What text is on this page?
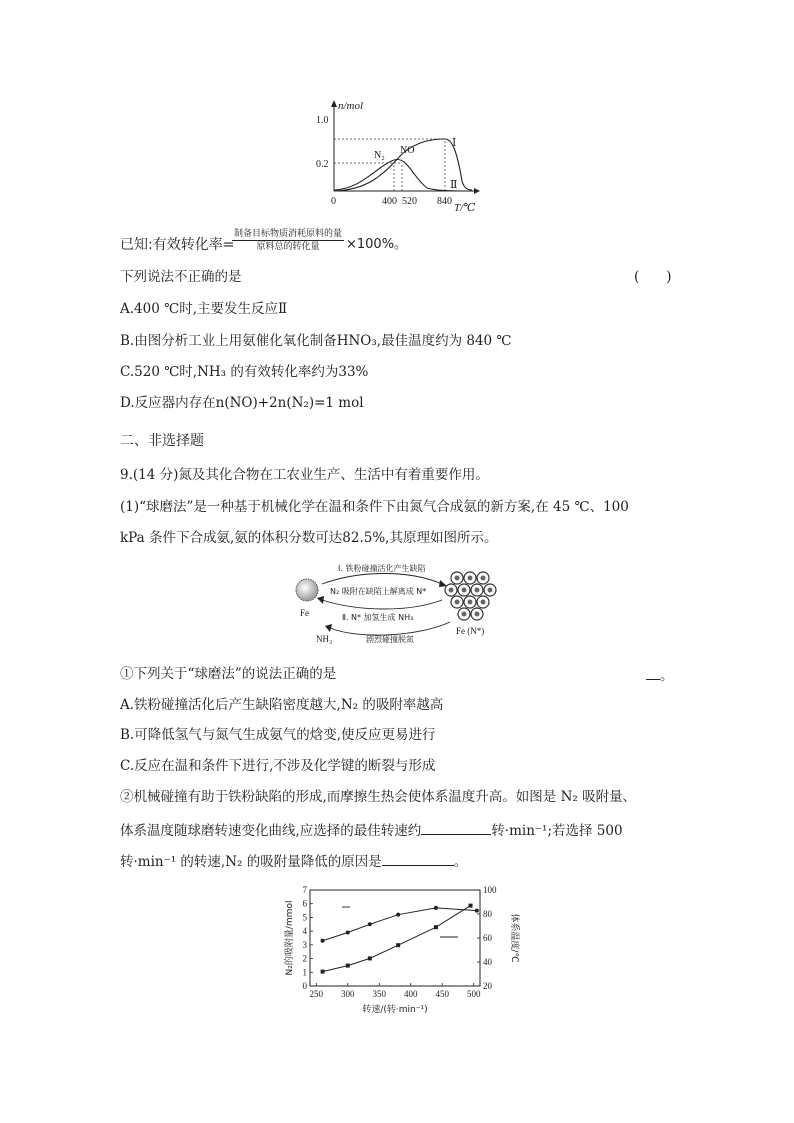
n/mol
1.0
0.2
0	400 520 840
T/℃
N₂ NO
Ⅰ
Ⅱ
已知:有效转化率=
制备目标物质消耗原料的量
原料总的转化量	×100%。
下列说法不正确的是	(　　)
A.400 ℃时,主要发生反应Ⅱ
B.由图分析工业上用氨催化氧化制备HNO₃,最佳温度约为 840 ℃
C.520 ℃时,NH₃ 的有效转化率约为33%
D.反应器内存在n(NO)+2n(N₂)=1 mol
二、非选择题
9.(14 分)氮及其化合物在工农业生产、生活中有着重要作用。
(1)“球磨法”是一种基于机械化学在温和条件下由氮气合成氨的新方案,在 45 ℃、100
kPa 条件下合成氨,氨的体积分数可达82.5%,其原理如图所示。
Fe
Fe (N*)
Ⅰ. 铁粉碰撞活化产生缺陷
N₂ 吸附在缺陷上解离成 N*
Ⅱ. N* 加氢生成 NH₃
剧烈碰撞脱氮
NH₃
①下列关于“球磨法”的说法正确的是	。
A.铁粉碰撞活化后产生缺陷密度越大,N₂ 的吸附率越高
B.可降低氢气与氮气生成氨气的焓变,使反应更易进行
C.反应在温和条件下进行,不涉及化学键的断裂与形成
②机械碰撞有助于铁粉缺陷的形成,而摩擦生热会使体系温度升高。如图是 N₂ 吸附量、
体系温度随球磨转速变化曲线,应选择的最佳转速约	转·min⁻¹;若选择 500
转·min⁻¹ 的转速,N₂ 的吸附量降低的原因是	。
250 300 350 400 450 500
0
1
2
3
4
5
6
7
20
40
60
80
100
N₂的吸附量/mmol	体系温度/℃
转速/(转·min⁻¹)
